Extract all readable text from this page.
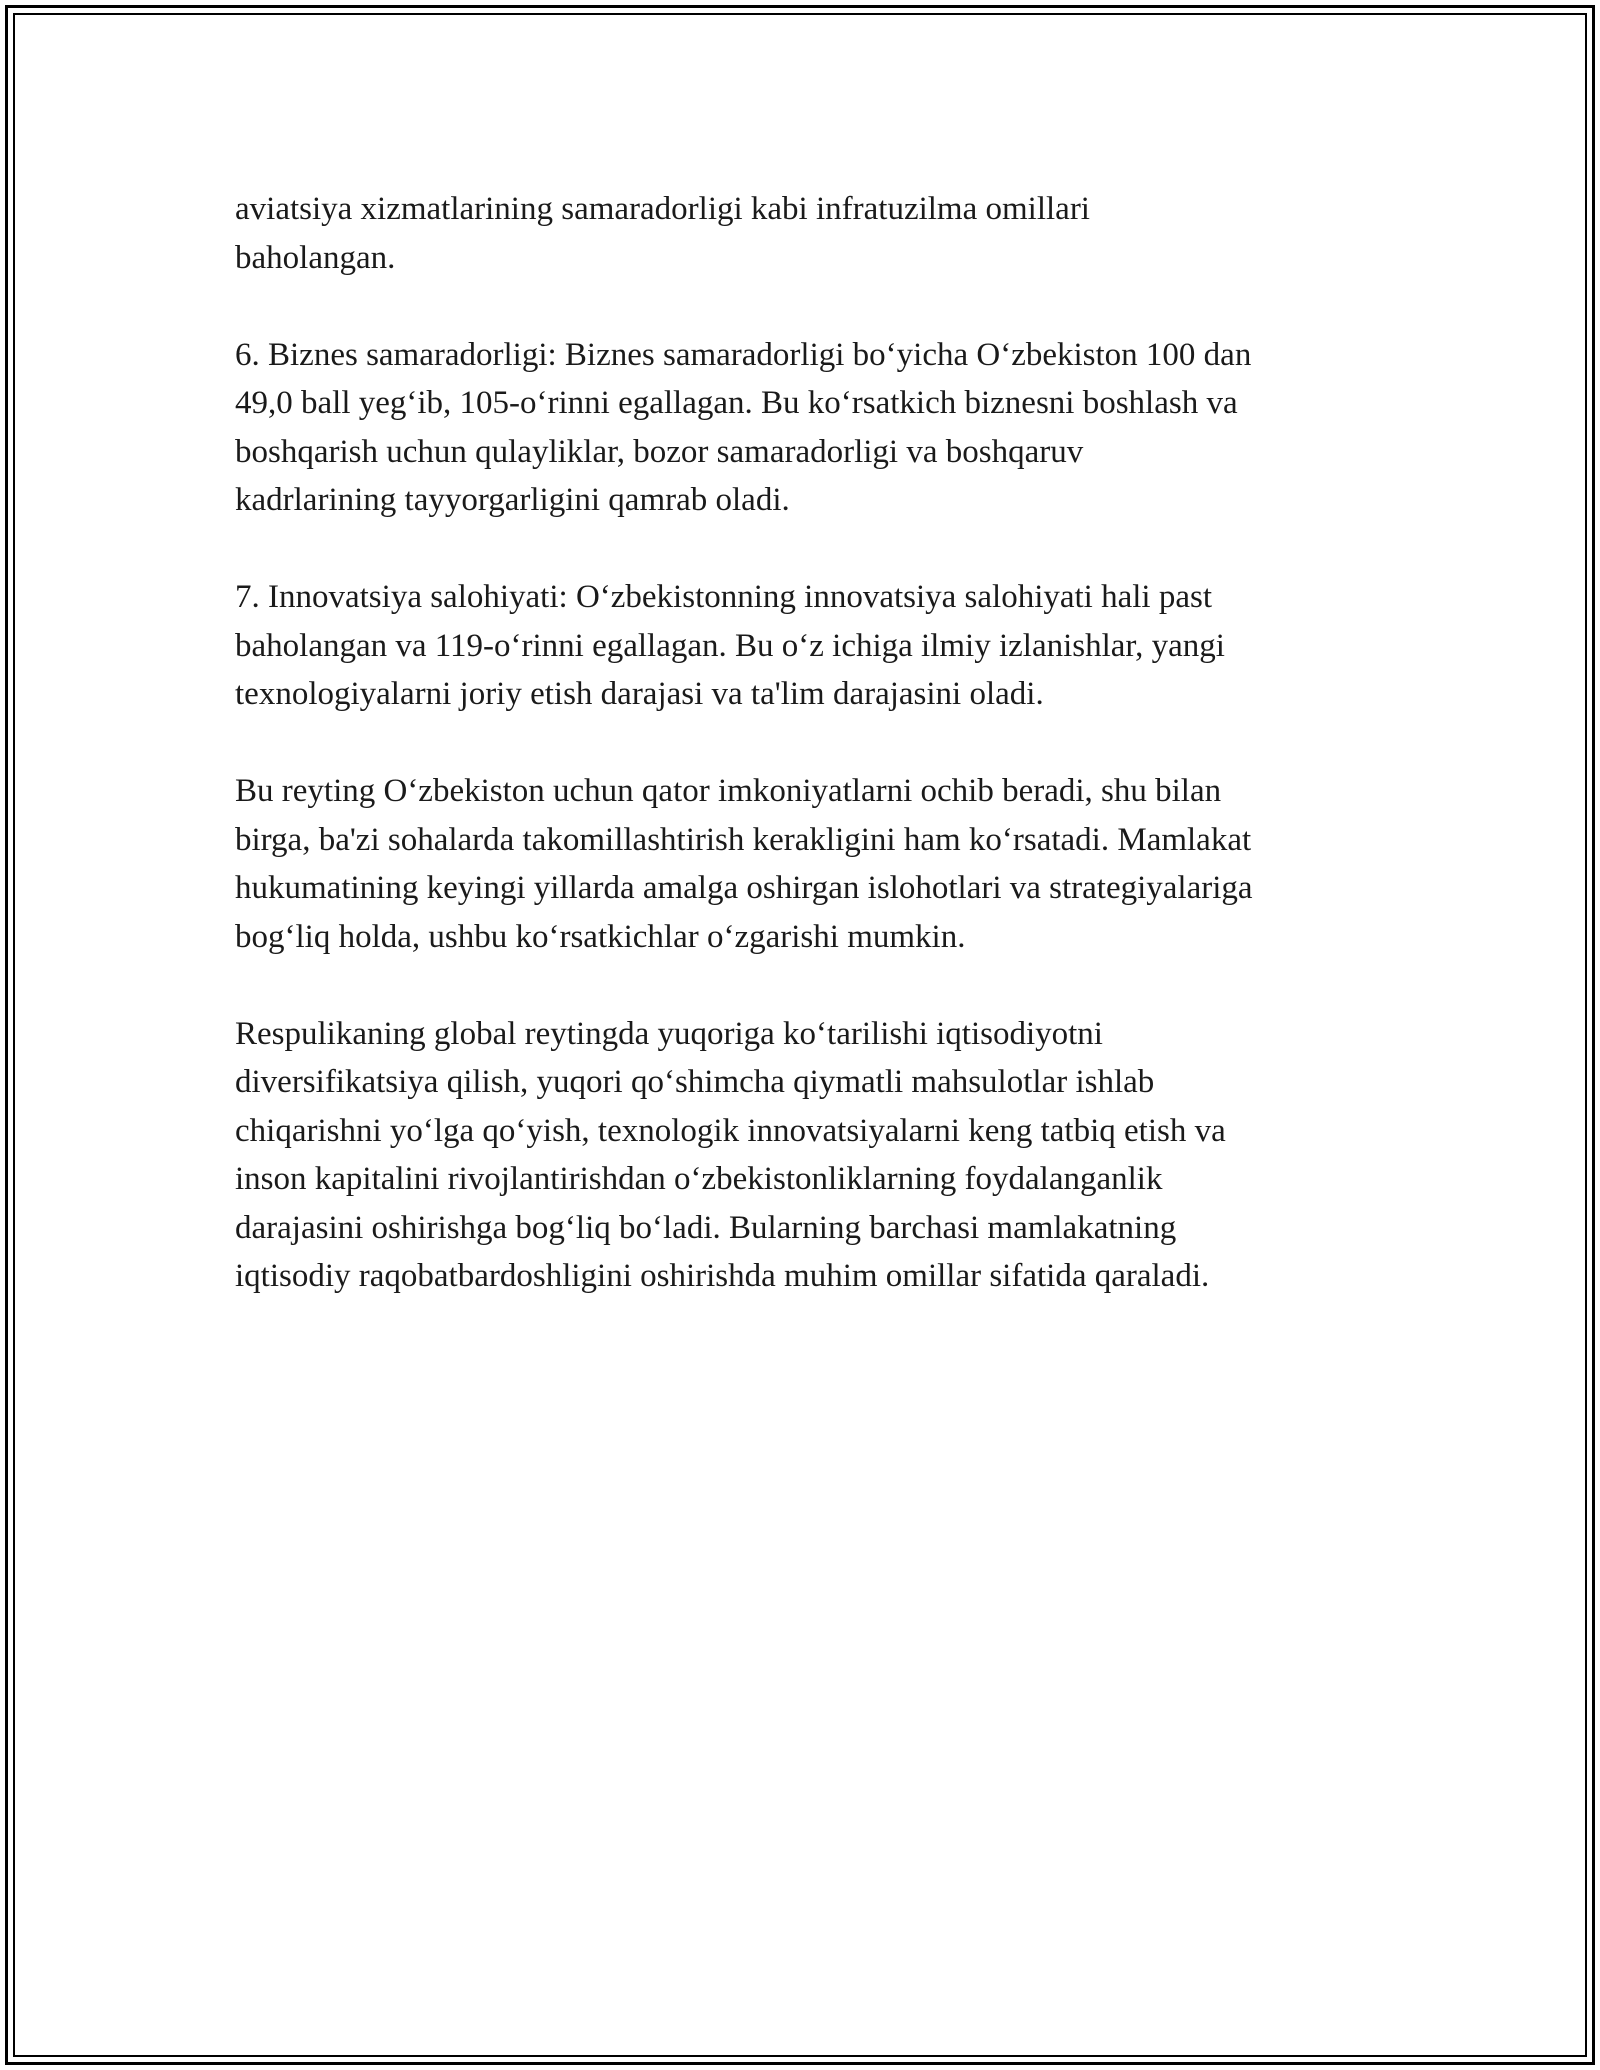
aviatsiya xizmatlarining samaradorligi kabi infratuzilma omillari
baholangan.

6. Biznes samaradorligi: Biznes samaradorligi bo‘yicha O‘zbekiston 100 dan
49,0 ball yeg‘ib, 105-o‘rinni egallagan. Bu ko‘rsatkich biznesni boshlash va
boshqarish uchun qulayliklar, bozor samaradorligi va boshqaruv
kadrlarining tayyorgarligini qamrab oladi.

7. Innovatsiya salohiyati: O‘zbekistonning innovatsiya salohiyati hali past
baholangan va 119-o‘rinni egallagan. Bu o‘z ichiga ilmiy izlanishlar, yangi
texnologiyalarni joriy etish darajasi va ta'lim darajasini oladi.

Bu reyting O‘zbekiston uchun qator imkoniyatlarni ochib beradi, shu bilan
birga, ba'zi sohalarda takomillashtirish kerakligini ham ko‘rsatadi. Mamlakat
hukumatining keyingi yillarda amalga oshirgan islohotlari va strategiyalariga
bog‘liq holda, ushbu ko‘rsatkichlar o‘zgarishi mumkin.

Respulikaning global reytingda yuqoriga ko‘tarilishi iqtisodiyotni
diversifikatsiya qilish, yuqori qo‘shimcha qiymatli mahsulotlar ishlab
chiqarishni yo‘lga qo‘yish, texnologik innovatsiyalarni keng tatbiq etish va
inson kapitalini rivojlantirishdan o‘zbekistonliklarning foydalanganlik
darajasini oshirishga bog‘liq bo‘ladi. Bularning barchasi mamlakatning
iqtisodiy raqobatbardoshligini oshirishda muhim omillar sifatida qaraladi.
